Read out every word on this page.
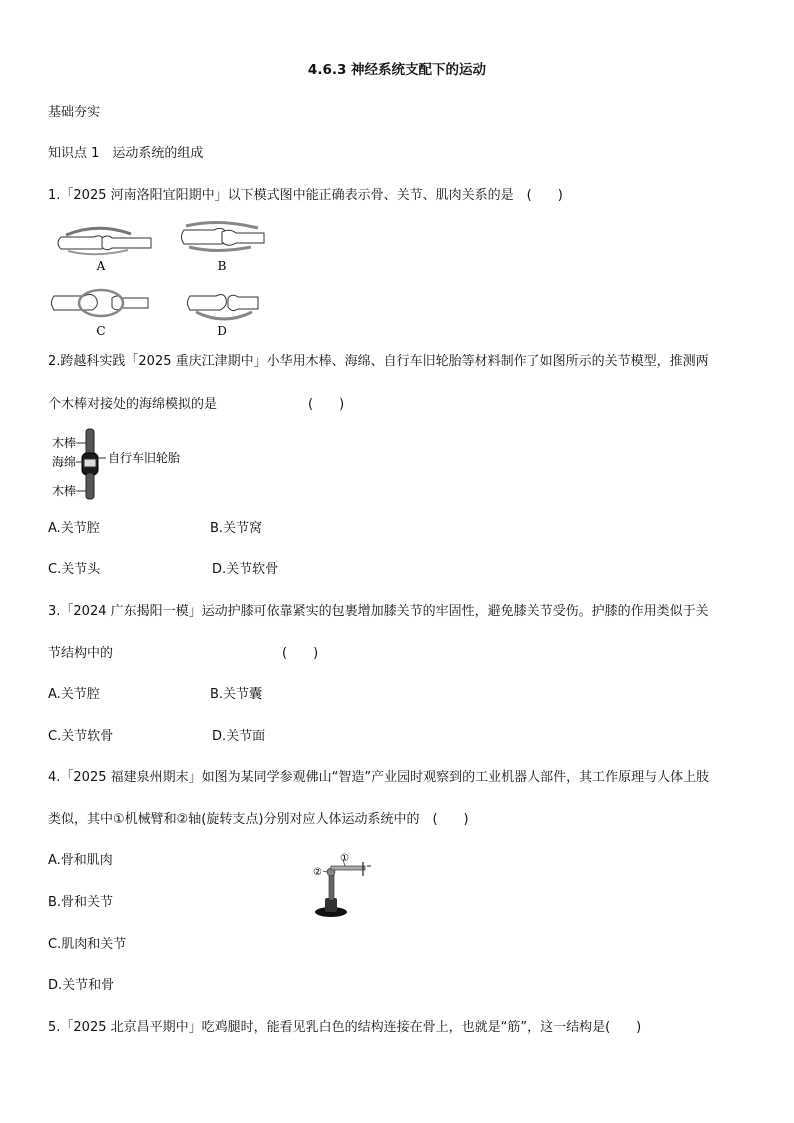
4.6.3 神经系统支配下的运动
基础夯实
知识点 1　运动系统的组成
1.「2025 河南洛阳宜阳期中」以下模式图中能正确表示骨、关节、肌肉关系的是　(　　)
A	B
C	D
2.跨越科实践「2025 重庆江津期中」小华用木棒、海绵、自行车旧轮胎等材料制作了如图所示的关节模型，推测两
个木棒对接处的海绵模拟的是　　　　　　　(　　)
木棒
海绵
木棒
自行车旧轮胎
A.关节腔	B.关节窝
C.关节头	D.关节软骨
3.「2024 广东揭阳一模」运动护膝可依靠紧实的包裹增加膝关节的牢固性，避免膝关节受伤。护膝的作用类似于关
节结构中的　　　　　　　　　　　　　(　　)
A.关节腔	B.关节囊
C.关节软骨	D.关节面
4.「2025 福建泉州期末」如图为某同学参观佛山“智造”产业园时观察到的工业机器人部件，其工作原理与人体上肢
类似，其中①机械臂和②轴(旋转支点)分别对应人体运动系统中的　(　　)
A.骨和肌肉
B.骨和关节
C.肌肉和关节
D.关节和骨
①
②
5.「2025 北京昌平期中」吃鸡腿时，能看见乳白色的结构连接在骨上，也就是“筋”，这一结构是(　　)
